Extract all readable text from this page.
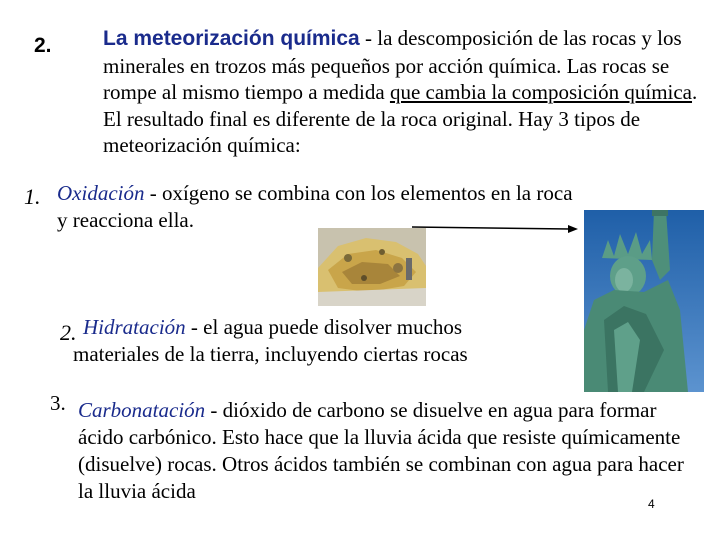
2. La meteorización química - la descomposición de las rocas y los minerales en trozos más pequeños por acción química. Las rocas se rompe al mismo tiempo a medida que cambia la composición química. El resultado final es diferente de la roca original. Hay 3 tipos de meteorización química:
1. Oxidación - oxígeno se combina con los elementos en la roca y reacciona ella.
2. Hidratación - el agua puede disolver muchos materiales de la tierra, incluyendo ciertas rocas
3. Carbonatación - dióxido de carbono se disuelve en agua para formar ácido carbónico. Esto hace que la lluvia ácida que resiste químicamente (disuelve) rocas. Otros ácidos también se combinan con agua para hacer la lluvia ácida
4
